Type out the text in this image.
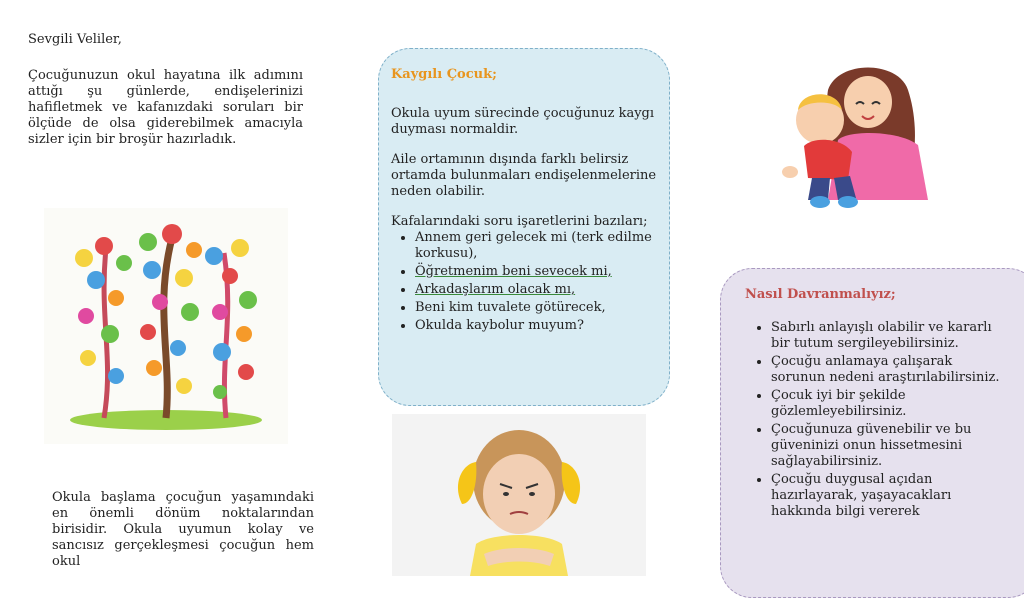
Sevgili Veliler,
Çocuğunuzun okul hayatına ilk adımını attığı şu günlerde, endişelerinizi hafifletmek ve kafanızdaki soruları bir ölçüde de olsa giderebilmek amacıyla sizler için bir broşür hazırladık.
Okula başlama çocuğun yaşamındaki en önemli dönüm noktalarından birisidir. Okula uyumun kolay ve sancısız gerçekleşmesi çocuğun hem okul
Kaygılı Çocuk;
Okula uyum sürecinde çocuğunuz kaygı duyması normaldir.
Aile ortamının dışında farklı belirsiz ortamda bulunmaları endişelenmelerine neden olabilir.
Kafalarındaki soru işaretlerini bazıları;
• Annem geri gelecek mi (terk edilme korkusu),
• Öğretmenim beni sevecek mi,
• Arkadaşlarım olacak mı,
• Beni kim tuvalete götürecek,
• Okulda kaybolur muyum?
Nasıl Davranmalıyız;
• Sabırlı anlayışlı olabilir ve kararlı bir tutum sergileyebilirsiniz.
• Çocuğu anlamaya çalışarak sorunun nedeni araştırılabilirsiniz.
• Çocuk iyi bir şekilde gözlemleyebilirsiniz.
• Çocuğunuza güvenebilir ve bu güveninizi onun hissetmesini sağlayabilirsiniz.
• Çocuğu duygusal açıdan hazırlayarak, yaşayacakları hakkında bilgi vererek
